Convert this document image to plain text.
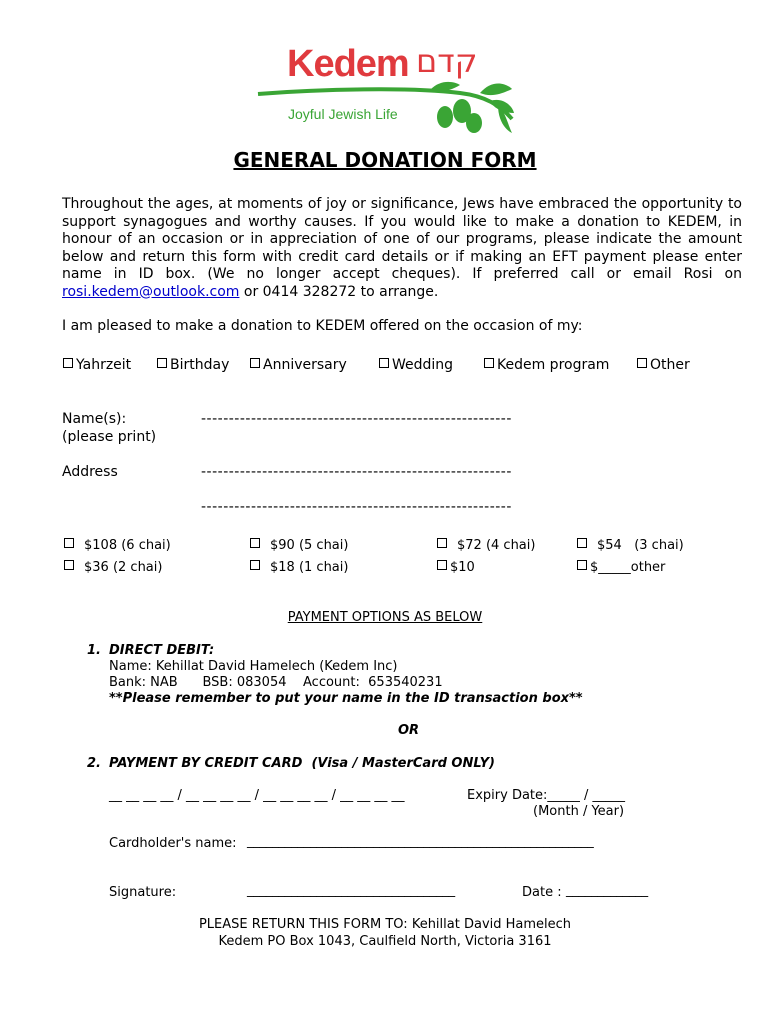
Kedem קדם
Joyful Jewish Life
GENERAL DONATION FORM
Throughout the ages, at moments of joy or significance, Jews have embraced the opportunity to support synagogues and worthy causes. If you would like to make a donation to KEDEM, in honour of an occasion or in appreciation of one of our programs, please indicate the amount below and return this form with credit card details or if making an EFT payment please enter name in ID box. (We no longer accept cheques). If preferred call or email Rosi on rosi.kedem@outlook.com or 0414 328272 to arrange.
I am pleased to make a donation to KEDEM offered on the occasion of my:
Yahrzeit	Birthday	Anniversary	Wedding	Kedem program	Other
Name(s):
(please print)
--------------------------------------------------------
Address	--------------------------------------------------------
--------------------------------------------------------
$108 (6 chai)	$90 (5 chai)	$72 (4 chai)	$54   (3 chai)
$36 (2 chai)	$18 (1 chai)	$10	$_____other
PAYMENT OPTIONS AS BELOW
1. DIRECT DEBIT:
Name: Kehillat David Hamelech (Kedem Inc)
Bank: NAB      BSB: 083054    Account:  653540231
**Please remember to put your name in the ID transaction box**
OR
2. PAYMENT BY CREDIT CARD  (Visa / MasterCard ONLY)
__ __ __ __ / __ __ __ __ / __ __ __ __ / __ __ __ __	Expiry Date:_____ / _____
(Month / Year)
Cardholder's name: _______________________________________________________
Signature:	_________________________________	Date : _____________
PLEASE RETURN THIS FORM TO: Kehillat David Hamelech
Kedem PO Box 1043, Caulfield North, Victoria 3161
